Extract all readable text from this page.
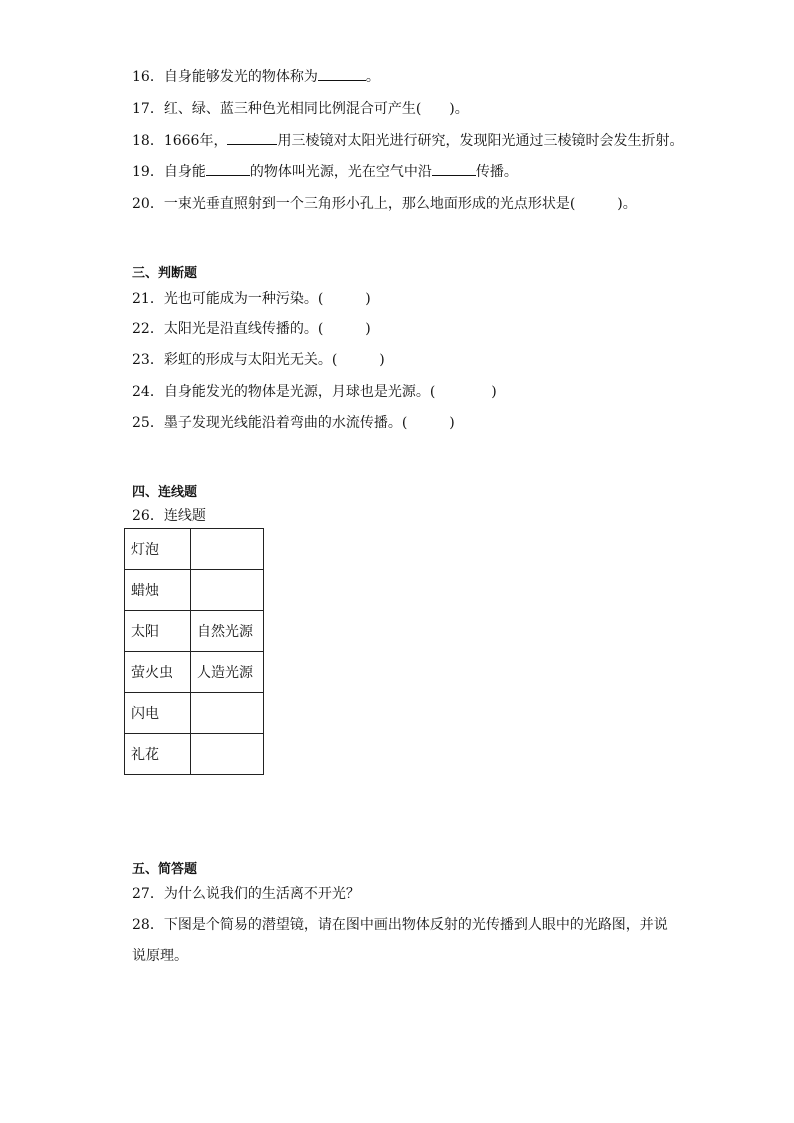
16．自身能够发光的物体称为	。
17．红、绿、蓝三种色光相同比例混合可产生(　　)。
18．1666年，	用三棱镜对太阳光进行研究，发现阳光通过三棱镜时会发生折射。
19．自身能	的物体叫光源，光在空气中沿	传播。
20．一束光垂直照射到一个三角形小孔上，那么地面形成的光点形状是(　　　)。
三、判断题
21．光也可能成为一种污染。(　　　)
22．太阳光是沿直线传播的。(　　　)
23．彩虹的形成与太阳光无关。(　　　)
24．自身能发光的物体是光源，月球也是光源。(　　　　)
25．墨子发现光线能沿着弯曲的水流传播。(　　　)
四、连线题
26．连线题
灯泡	
蜡烛	
太阳	自然光源
萤火虫	人造光源
闪电	
礼花	
五、简答题
27．为什么说我们的生活离不开光？
28．下图是个简易的潜望镜，请在图中画出物体反射的光传播到人眼中的光路图，并说
说原理。
